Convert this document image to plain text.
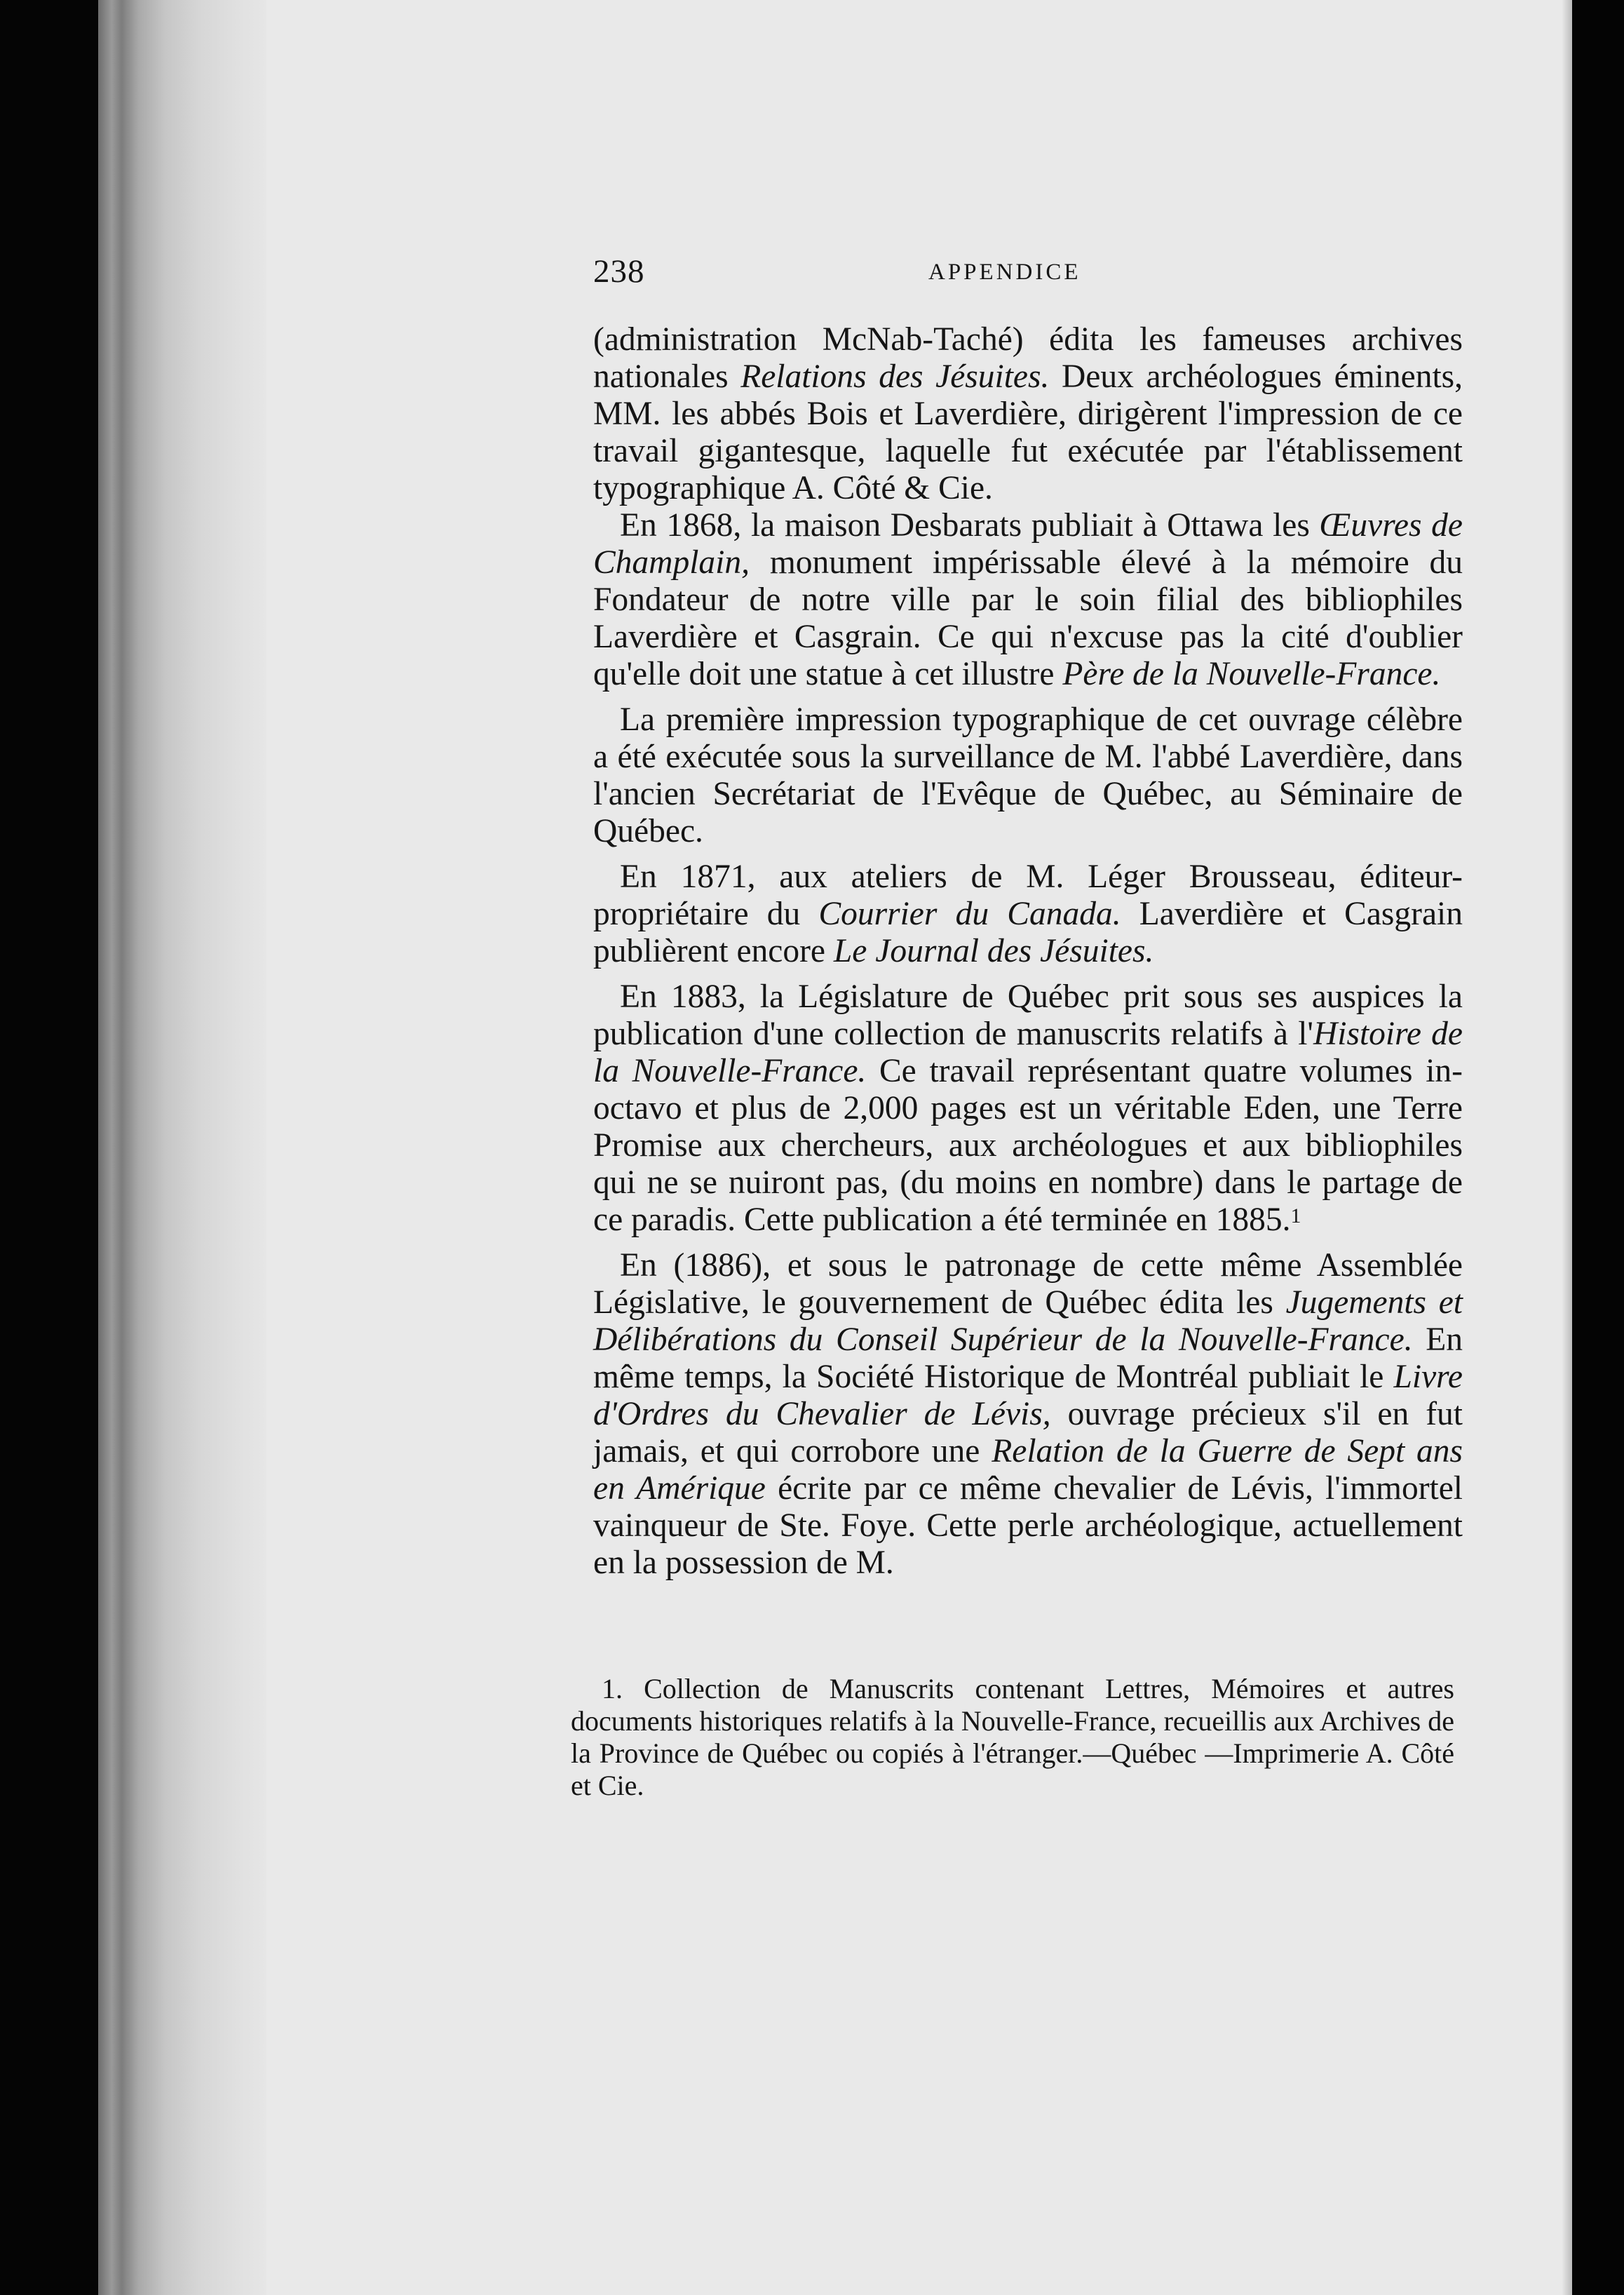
238	APPENDICE

(administration McNab-Taché) édita les fameuses archives nationales Relations des Jésuites. Deux archéologues éminents, MM. les abbés Bois et Laverdière, dirigèrent l'impression de ce travail gigantesque, laquelle fut exécutée par l'établissement typographique A. Côté & Cie.

En 1868, la maison Desbarats publiait à Ottawa les Œuvres de Champlain, monument impérissable élevé à la mémoire du Fondateur de notre ville par le soin filial des bibliophiles Laverdière et Casgrain. Ce qui n'excuse pas la cité d'oublier qu'elle doit une statue à cet illustre Père de la Nouvelle-France.

La première impression typographique de cet ouvrage célèbre a été exécutée sous la surveillance de M. l'abbé Laverdière, dans l'ancien Secrétariat de l'Evêque de Québec, au Séminaire de Québec.

En 1871, aux ateliers de M. Léger Brousseau, éditeur-propriétaire du Courrier du Canada. Laverdière et Casgrain publièrent encore Le Journal des Jésuites.

En 1883, la Législature de Québec prit sous ses auspices la publication d'une collection de manuscrits relatifs à l'Histoire de la Nouvelle-France. Ce travail représentant quatre volumes in-octavo et plus de 2,000 pages est un véritable Eden, une Terre Promise aux chercheurs, aux archéologues et aux bibliophiles qui ne se nuiront pas, (du moins en nombre) dans le partage de ce paradis. Cette publication a été terminée en 1885.$^1$

En (1886), et sous le patronage de cette même Assemblée Législative, le gouvernement de Québec édita les Jugements et Délibérations du Conseil Supérieur de la Nouvelle-France. En même temps, la Société Historique de Montréal publiait le Livre d'Ordres du Chevalier de Lévis, ouvrage précieux s'il en fut jamais, et qui corrobore une Relation de la Guerre de Sept ans en Amérique écrite par ce même chevalier de Lévis, l'immortel vainqueur de Ste. Foye. Cette perle archéologique, actuellement en la possession de M.

1. Collection de Manuscrits contenant Lettres, Mémoires et autres documents historiques relatifs à la Nouvelle-France, recueillis aux Archives de la Province de Québec ou copiés à l'étranger.—Québec —Imprimerie A. Côté et Cie.
